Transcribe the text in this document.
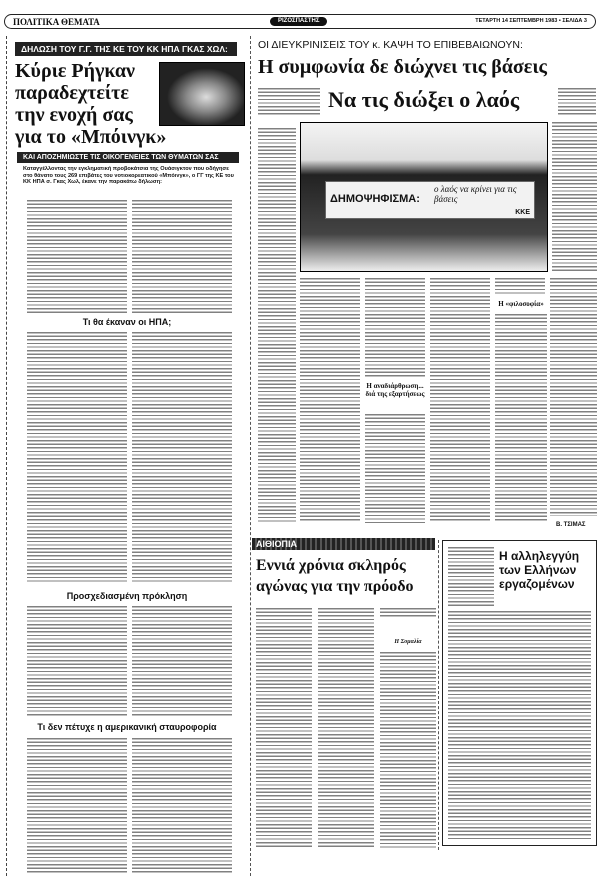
ΠΟΛΙΤΙΚΑ ΘΕΜΑΤΑ	ΡΙΖΟΣΠΑΣΤΗΣ	ΤΕΤΑΡΤΗ 14 ΣΕΠΤΕΜΒΡΗ 1983 • ΣΕΛΙΔΑ 3
ΔΗΛΩΣΗ ΤΟΥ Γ.Γ. ΤΗΣ ΚΕ ΤΟΥ ΚΚ ΗΠΑ ΓΚΑΣ ΧΩΛ:
Κύριε Ρήγκαν
παραδεχτείτε
την ενοχή σας
για το «Μπόινγκ»
ΚΑΙ ΑΠΟΖΗΜΙΩΣΤΕ ΤΙΣ ΟΙΚΟΓΕΝΕΙΕΣ ΤΩΝ ΘΥΜΑΤΩΝ ΣΑΣ
Καταγγέλλοντας την εγκληματική προβοκάτσια της Ουάσιγκτον που οδήγησε στο θάνατο τους 269 επιβάτες του νοτιοκορεατικού «Μπόινγκ», ο ΓΓ της ΚΕ του ΚΚ ΗΠΑ σ. Γκας Χωλ, έκανε την παρακάτω δήλωση:
Τι θα έκαναν οι ΗΠΑ;
Προσχεδιασμένη πρόκληση
Τι δεν πέτυχε η αμερικανική σταυροφορία
ΟΙ ΔΙΕΥΚΡΙΝΙΣΕΙΣ ΤΟΥ κ. ΚΑΨΗ ΤΟ ΕΠΙΒΕΒΑΙΩΝΟΥΝ:
Η συμφωνία δε διώχνει τις βάσεις
Να τις διώξει ο λαός
ΔΗΜΟΨΗΦΙΣΜΑ:
ο λαός να κρίνει για τις βάσεις
ΚΚΕ
Η αναδιάρθρωση... διά της εξαρτήσεως
Η «φιλοσοφία»
Β. ΤΣΙΜΑΣ
ΑΙΘΙΟΠΙΑ
Εννιά χρόνια σκληρός
αγώνας για την πρόοδο
Η Σομαλία
Η αλληλεγγύη
των Ελλήνων
εργαζομένων
